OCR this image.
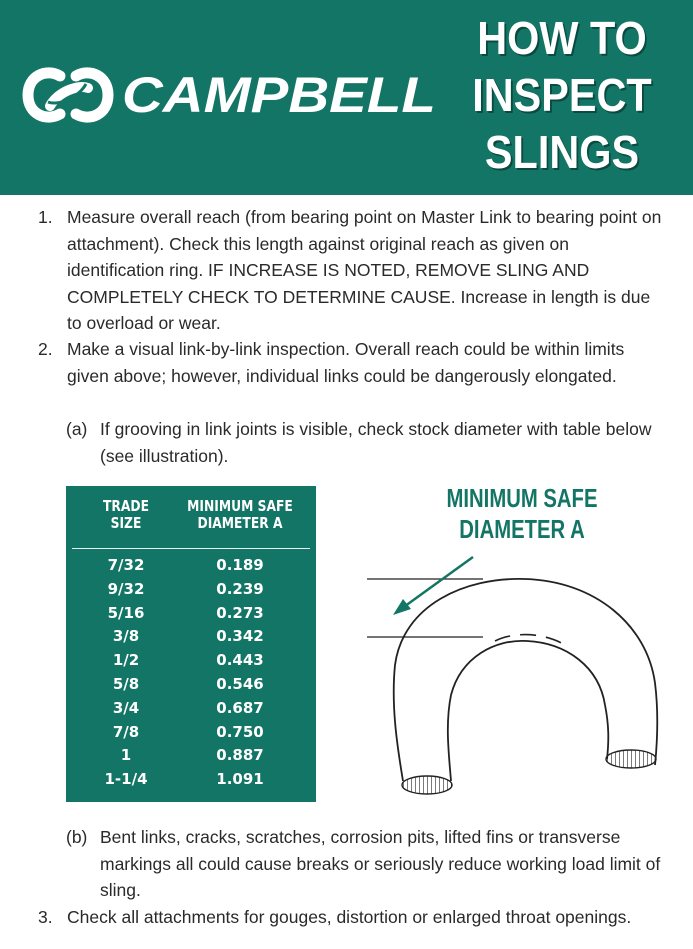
CAMPBELL
HOW TO
INSPECT
SLINGS
1. Measure overall reach (from bearing point on Master Link to bearing point on attachment). Check this length against original reach as given on identification ring. IF INCREASE IS NOTED, REMOVE SLING AND COMPLETELY CHECK TO DETERMINE CAUSE. Increase in length is due to overload or wear.
2. Make a visual link-by-link inspection. Overall reach could be within limits given above; however, individual links could be dangerously elongated.
(a) If grooving in link joints is visible, check stock diameter with table below (see illustration).
(b) Bent links, cracks, scratches, corrosion pits, lifted fins or transverse markings all could cause breaks or seriously reduce working load limit of sling.
3. Check all attachments for gouges, distortion or enlarged throat openings.
TRADE
SIZE
MINIMUM SAFE
DIAMETER A
7/32	0.189
9/32	0.239
5/16	0.273
3/8	0.342
1/2	0.443
5/8	0.546
3/4	0.687
7/8	0.750
1	0.887
1-1/4	1.091
MINIMUM SAFE
DIAMETER A
